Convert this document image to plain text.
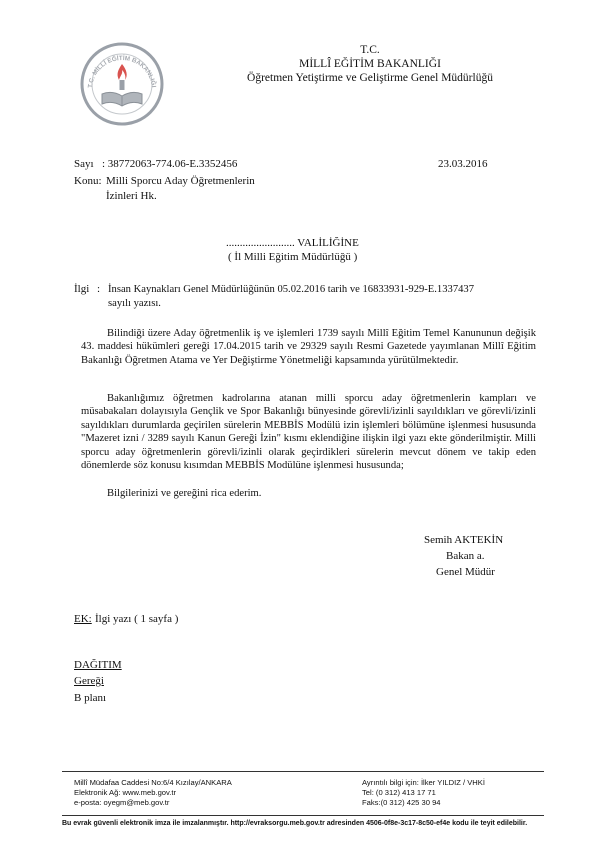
T.C.
MİLLÎ EĞİTİM BAKANLIĞI
Öğretmen Yetiştirme ve Geliştirme Genel Müdürlüğü
T.C. MİLLÎ EĞİTİM BAKANLIĞI
Sayı : 38772063-774.06-E.3352456	23.03.2016
Konu: Milli Sporcu Aday Öğretmenlerin
İzinleri Hk.
......................... VALİLİĞİNE
( İl Milli Eğitim Müdürlüğü )
İlgi : İnsan Kaynakları Genel Müdürlüğünün 05.02.2016 tarih ve 16833931-929-E.1337437
sayılı yazısı.
Bilindiği üzere Aday öğretmenlik iş ve işlemleri 1739 sayılı Millî Eğitim Temel Kanununun değişik 43. maddesi hükümleri gereği 17.04.2015 tarih ve 29329 sayılı Resmi Gazetede yayımlanan Millî Eğitim Bakanlığı Öğretmen Atama ve Yer Değiştirme Yönetmeliği kapsamında yürütülmektedir.
Bakanlığımız öğretmen kadrolarına atanan milli sporcu aday öğretmenlerin kampları ve müsabakaları dolayısıyla Gençlik ve Spor Bakanlığı bünyesinde görevli/izinli sayıldıkları ve görevli/izinli sayıldıkları durumlarda geçirilen sürelerin MEBBİS Modülü izin işlemleri bölümüne işlenmesi hususunda "Mazeret izni / 3289 sayılı Kanun Gereği İzin" kısmı eklendiğine ilişkin ilgi yazı ekte gönderilmiştir. Milli sporcu aday öğretmenlerin görevli/izinli olarak geçirdikleri sürelerin mevcut dönem ve takip eden dönemlerde söz konusu kısımdan MEBBİS Modülüne işlenmesi hususunda;
Bilgilerinizi ve gereğini rica ederim.
Semih AKTEKİN
Bakan a.
Genel Müdür
EK: İlgi yazı ( 1 sayfa )
DAĞITIM
Gereği
B planı
Millî Müdafaa Caddesi No:6/4 Kızılay/ANKARA
Elektronik Ağ: www.meb.gov.tr
e-posta: oyegm@meb.gov.tr
Ayrıntılı bilgi için: İlker YILDIZ / VHKİ
Tel: (0 312) 413 17 71
Faks:(0 312) 425 30 94
Bu evrak güvenli elektronik imza ile imzalanmıştır. http://evraksorgu.meb.gov.tr adresinden 4506-0f8e-3c17-8c50-ef4e kodu ile teyit edilebilir.
